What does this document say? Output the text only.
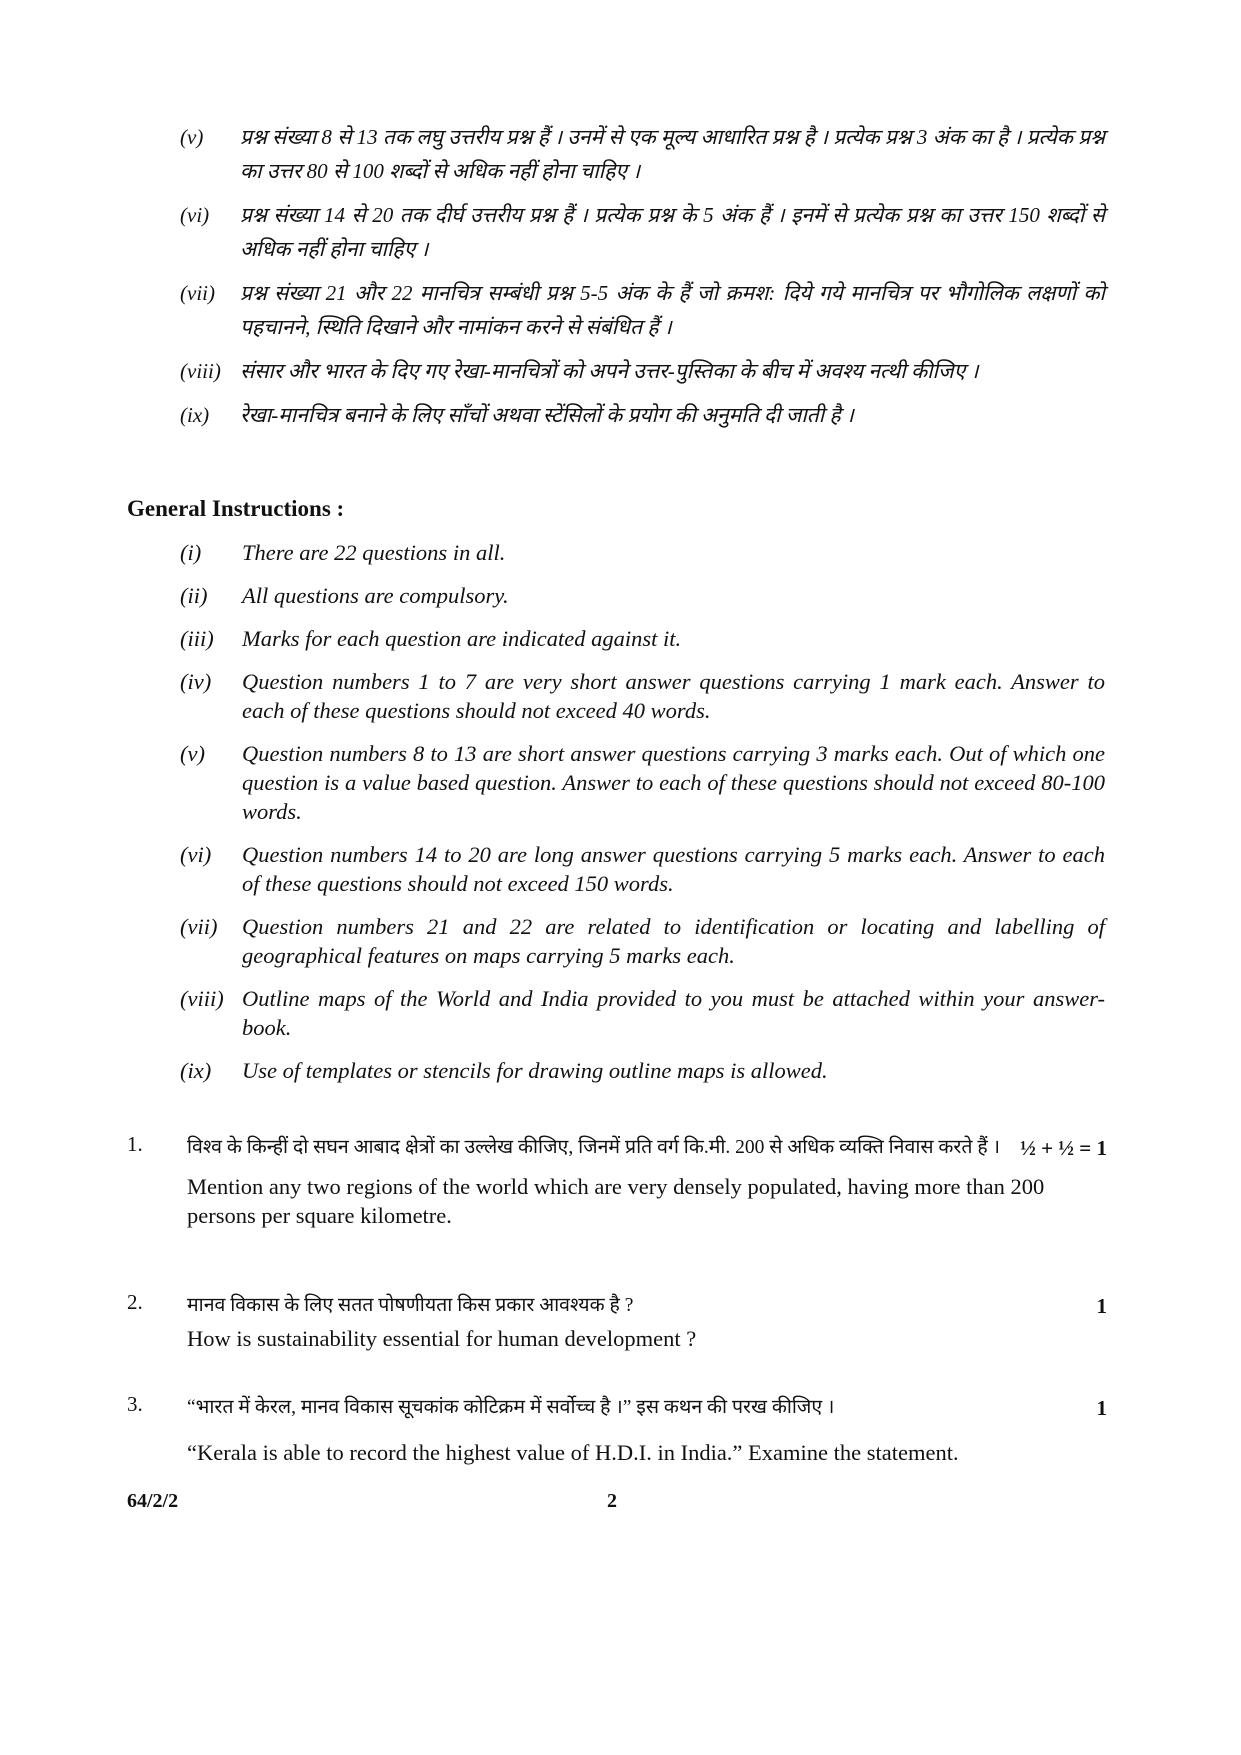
(v)	प्रश्न संख्या 8 से 13 तक लघु उत्तरीय प्रश्न हैं । उनमें से एक मूल्य आधारित प्रश्न है । प्रत्येक प्रश्न 3 अंक का है । प्रत्येक प्रश्न का उत्तर 80 से 100 शब्दों से अधिक नहीं होना चाहिए ।
(vi)	प्रश्न संख्या 14 से 20 तक दीर्घ उत्तरीय प्रश्न हैं । प्रत्येक प्रश्न के 5 अंक हैं । इनमें से प्रत्येक प्रश्न का उत्तर 150 शब्दों से अधिक नहीं होना चाहिए ।
(vii)	प्रश्न संख्या 21 और 22 मानचित्र सम्बंधी प्रश्न 5-5 अंक के हैं जो क्रमश: दिये गये मानचित्र पर भौगोलिक लक्षणों को पहचानने, स्थिति दिखाने और नामांकन करने से संबंधित हैं ।
(viii) संसार और भारत के दिए गए रेखा-मानचित्रों को अपने उत्तर-पुस्तिका के बीच में अवश्य नत्थी कीजिए ।
(ix)	रेखा-मानचित्र बनाने के लिए साँचों अथवा स्टेंसिलों के प्रयोग की अनुमति दी जाती है ।
General Instructions :
(i)	There are 22 questions in all.
(ii)	All questions are compulsory.
(iii)	Marks for each question are indicated against it.
(iv)	Question numbers 1 to 7 are very short answer questions carrying 1 mark each. Answer to each of these questions should not exceed 40 words.
(v)	Question numbers 8 to 13 are short answer questions carrying 3 marks each. Out of which one question is a value based question. Answer to each of these questions should not exceed 80-100 words.
(vi)	Question numbers 14 to 20 are long answer questions carrying 5 marks each. Answer to each of these questions should not exceed 150 words.
(vii)	Question numbers 21 and 22 are related to identification or locating and labelling of geographical features on maps carrying 5 marks each.
(viii) Outline maps of the World and India provided to you must be attached within your answer-book.
(ix)	Use of templates or stencils for drawing outline maps is allowed.
1.	विश्व के किन्हीं दो सघन आबाद क्षेत्रों का उल्लेख कीजिए, जिनमें प्रति वर्ग कि.मी. 200 से अधिक व्यक्ति निवास करते हैं । ½ + ½ = 1
Mention any two regions of the world which are very densely populated, having more than 200 persons per square kilometre.
2.	मानव विकास के लिए सतत पोषणीयता किस प्रकार आवश्यक है ?	1
How is sustainability essential for human development ?
3.	“भारत में केरल, मानव विकास सूचकांक कोटिक्रम में सर्वोच्च है ।” इस कथन की परख कीजिए ।	1
“Kerala is able to record the highest value of H.D.I. in India.” Examine the statement.
64/2/2	2
